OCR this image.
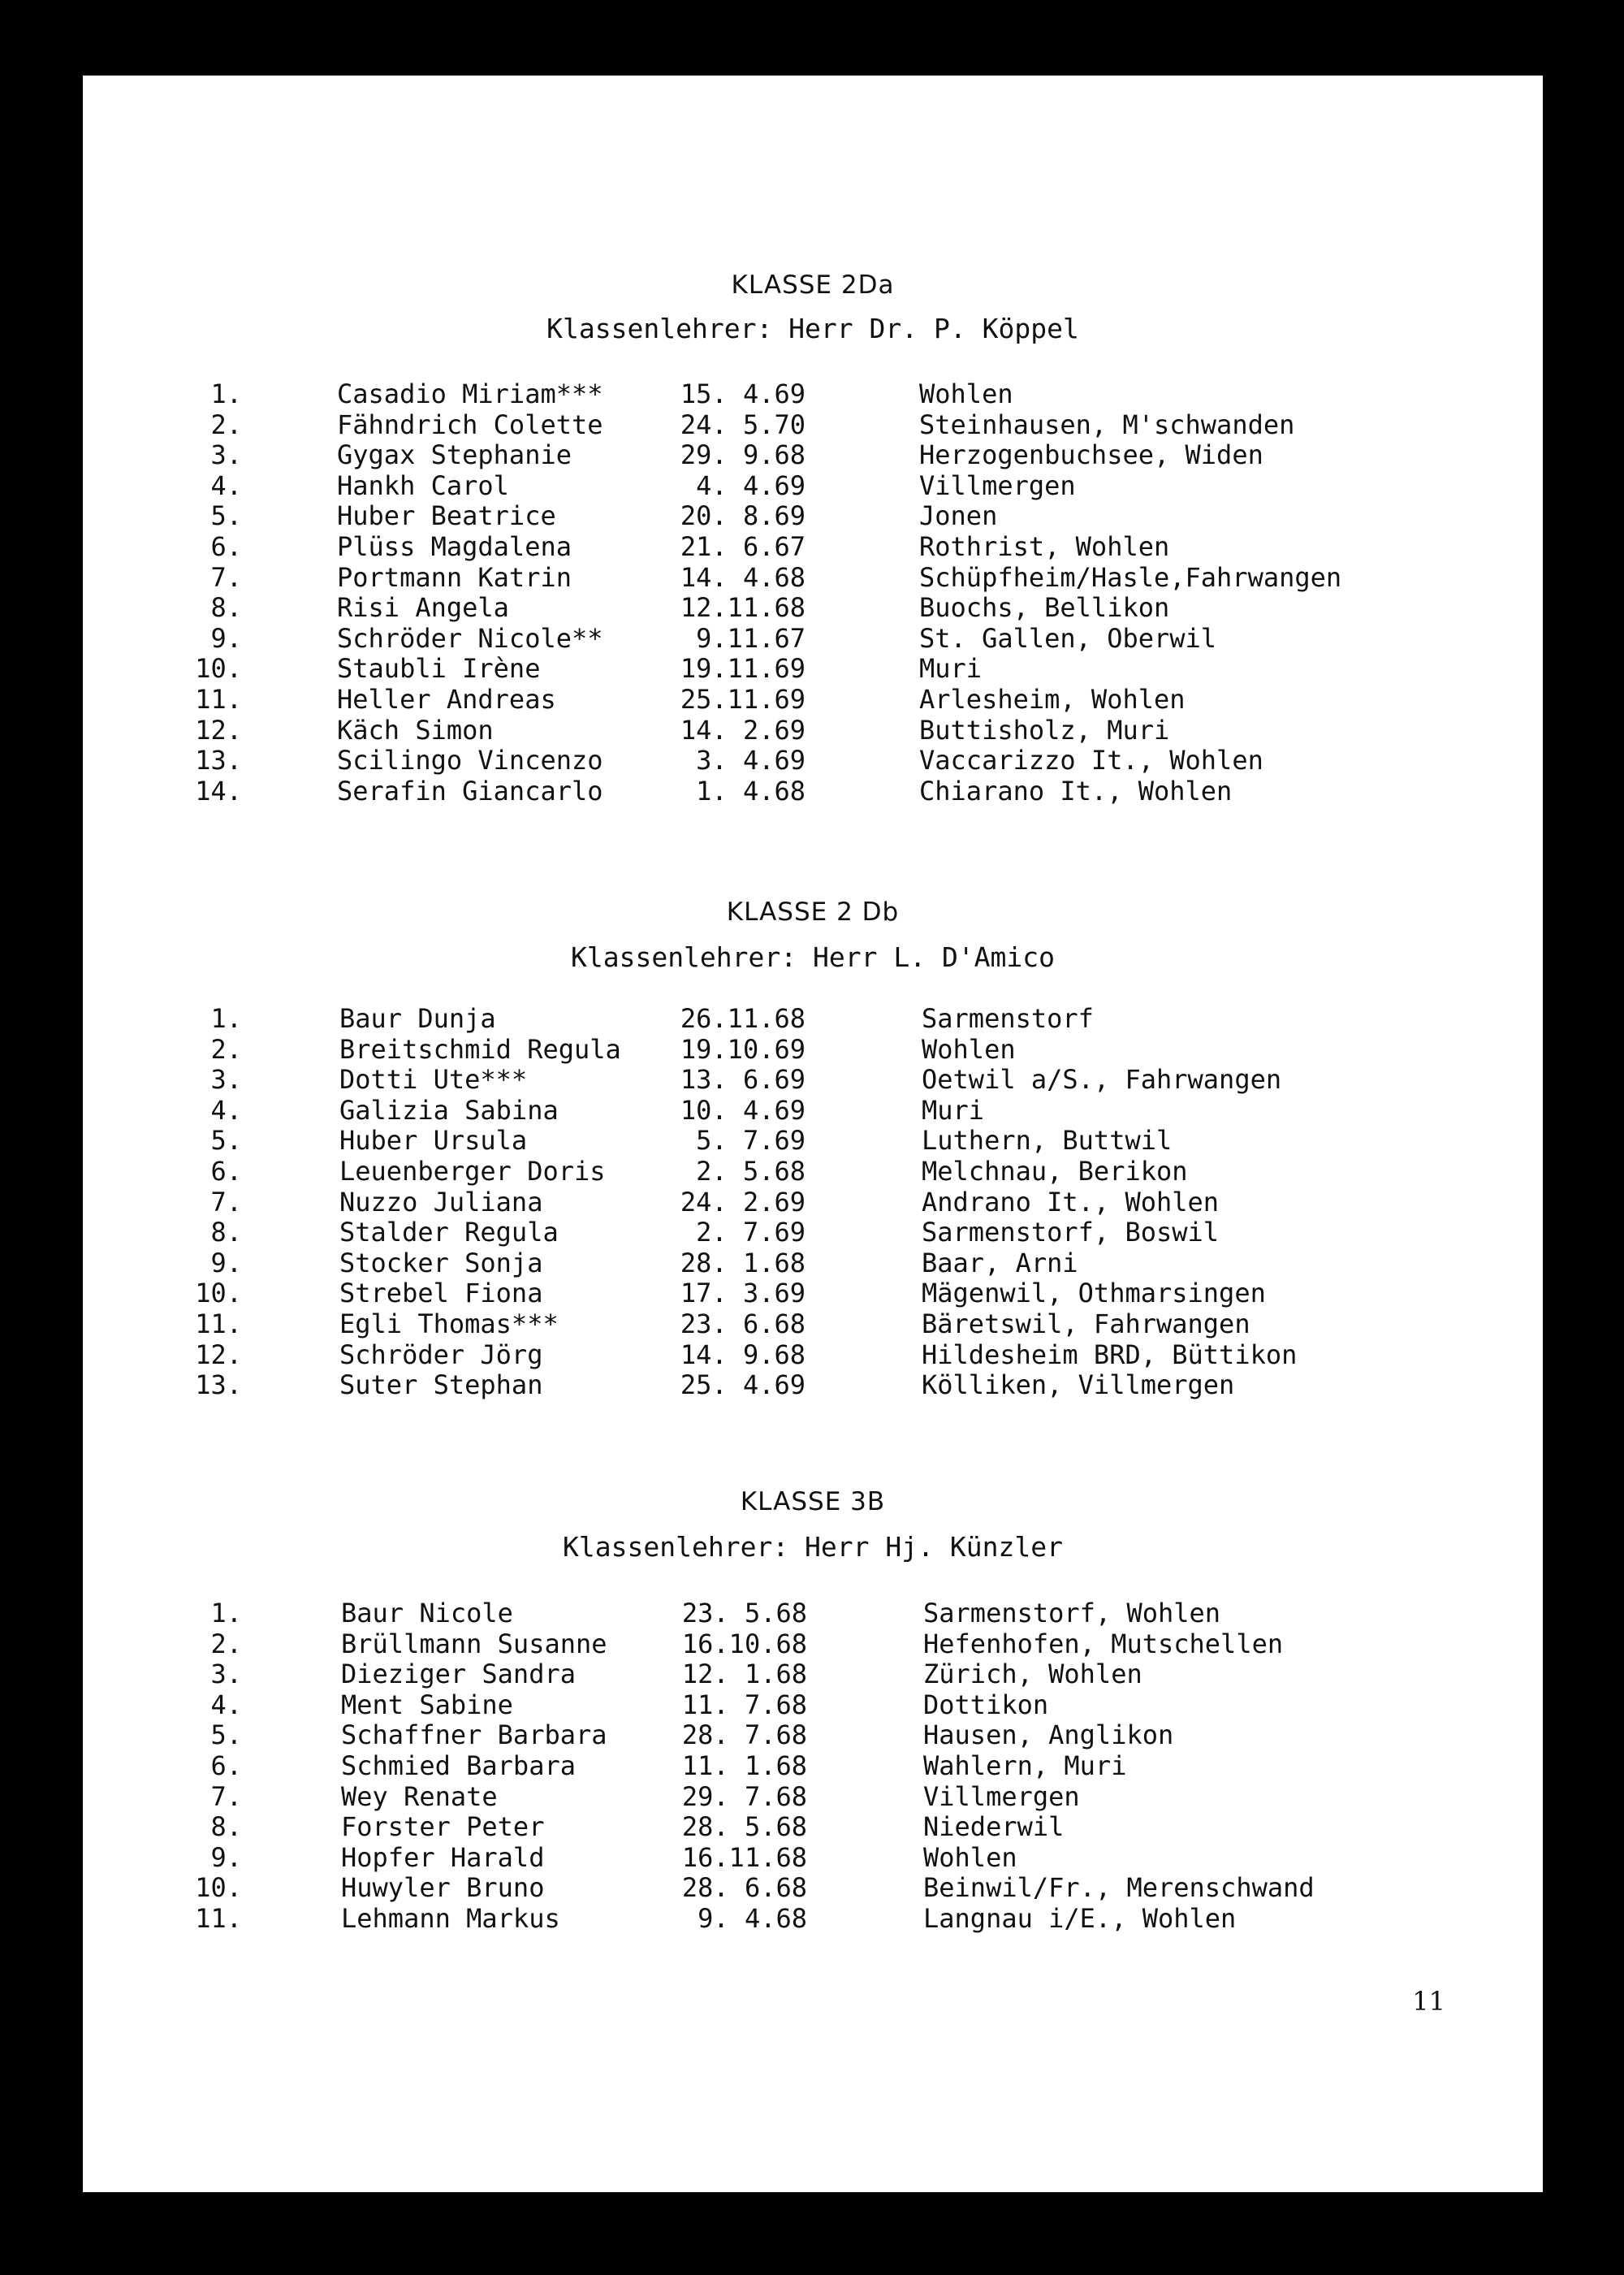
KLASSE 2Da
Klassenlehrer: Herr Dr. P. Köppel
1.	Casadio Miriam***	15. 4.69	Wohlen
2.	Fähndrich Colette	24. 5.70	Steinhausen, M'schwanden
3.	Gygax Stephanie	29. 9.68	Herzogenbuchsee, Widen
4.	Hankh Carol	4. 4.69	Villmergen
5.	Huber Beatrice	20. 8.69	Jonen
6.	Plüss Magdalena	21. 6.67	Rothrist, Wohlen
7.	Portmann Katrin	14. 4.68	Schüpfheim/Hasle,Fahrwangen
8.	Risi Angela	12.11.68	Buochs, Bellikon
9.	Schröder Nicole**	9.11.67	St. Gallen, Oberwil
10.	Staubli Irène	19.11.69	Muri
11.	Heller Andreas	25.11.69	Arlesheim, Wohlen
12.	Käch Simon	14. 2.69	Buttisholz, Muri
13.	Scilingo Vincenzo	3. 4.69	Vaccarizzo It., Wohlen
14.	Serafin Giancarlo	1. 4.68	Chiarano It., Wohlen
KLASSE 2 Db
Klassenlehrer: Herr L. D'Amico
1.	Baur Dunja	26.11.68	Sarmenstorf
2.	Breitschmid Regula	19.10.69	Wohlen
3.	Dotti Ute***	13. 6.69	Oetwil a/S., Fahrwangen
4.	Galizia Sabina	10. 4.69	Muri
5.	Huber Ursula	5. 7.69	Luthern, Buttwil
6.	Leuenberger Doris	2. 5.68	Melchnau, Berikon
7.	Nuzzo Juliana	24. 2.69	Andrano It., Wohlen
8.	Stalder Regula	2. 7.69	Sarmenstorf, Boswil
9.	Stocker Sonja	28. 1.68	Baar, Arni
10.	Strebel Fiona	17. 3.69	Mägenwil, Othmarsingen
11.	Egli Thomas***	23. 6.68	Bäretswil, Fahrwangen
12.	Schröder Jörg	14. 9.68	Hildesheim BRD, Büttikon
13.	Suter Stephan	25. 4.69	Kölliken, Villmergen
KLASSE 3B
Klassenlehrer: Herr Hj. Künzler
1.	Baur Nicole	23. 5.68	Sarmenstorf, Wohlen
2.	Brüllmann Susanne	16.10.68	Hefenhofen, Mutschellen
3.	Dieziger Sandra	12. 1.68	Zürich, Wohlen
4.	Ment Sabine	11. 7.68	Dottikon
5.	Schaffner Barbara	28. 7.68	Hausen, Anglikon
6.	Schmied Barbara	11. 1.68	Wahlern, Muri
7.	Wey Renate	29. 7.68	Villmergen
8.	Forster Peter	28. 5.68	Niederwil
9.	Hopfer Harald	16.11.68	Wohlen
10.	Huwyler Bruno	28. 6.68	Beinwil/Fr., Merenschwand
11.	Lehmann Markus	9. 4.68	Langnau i/E., Wohlen
11
